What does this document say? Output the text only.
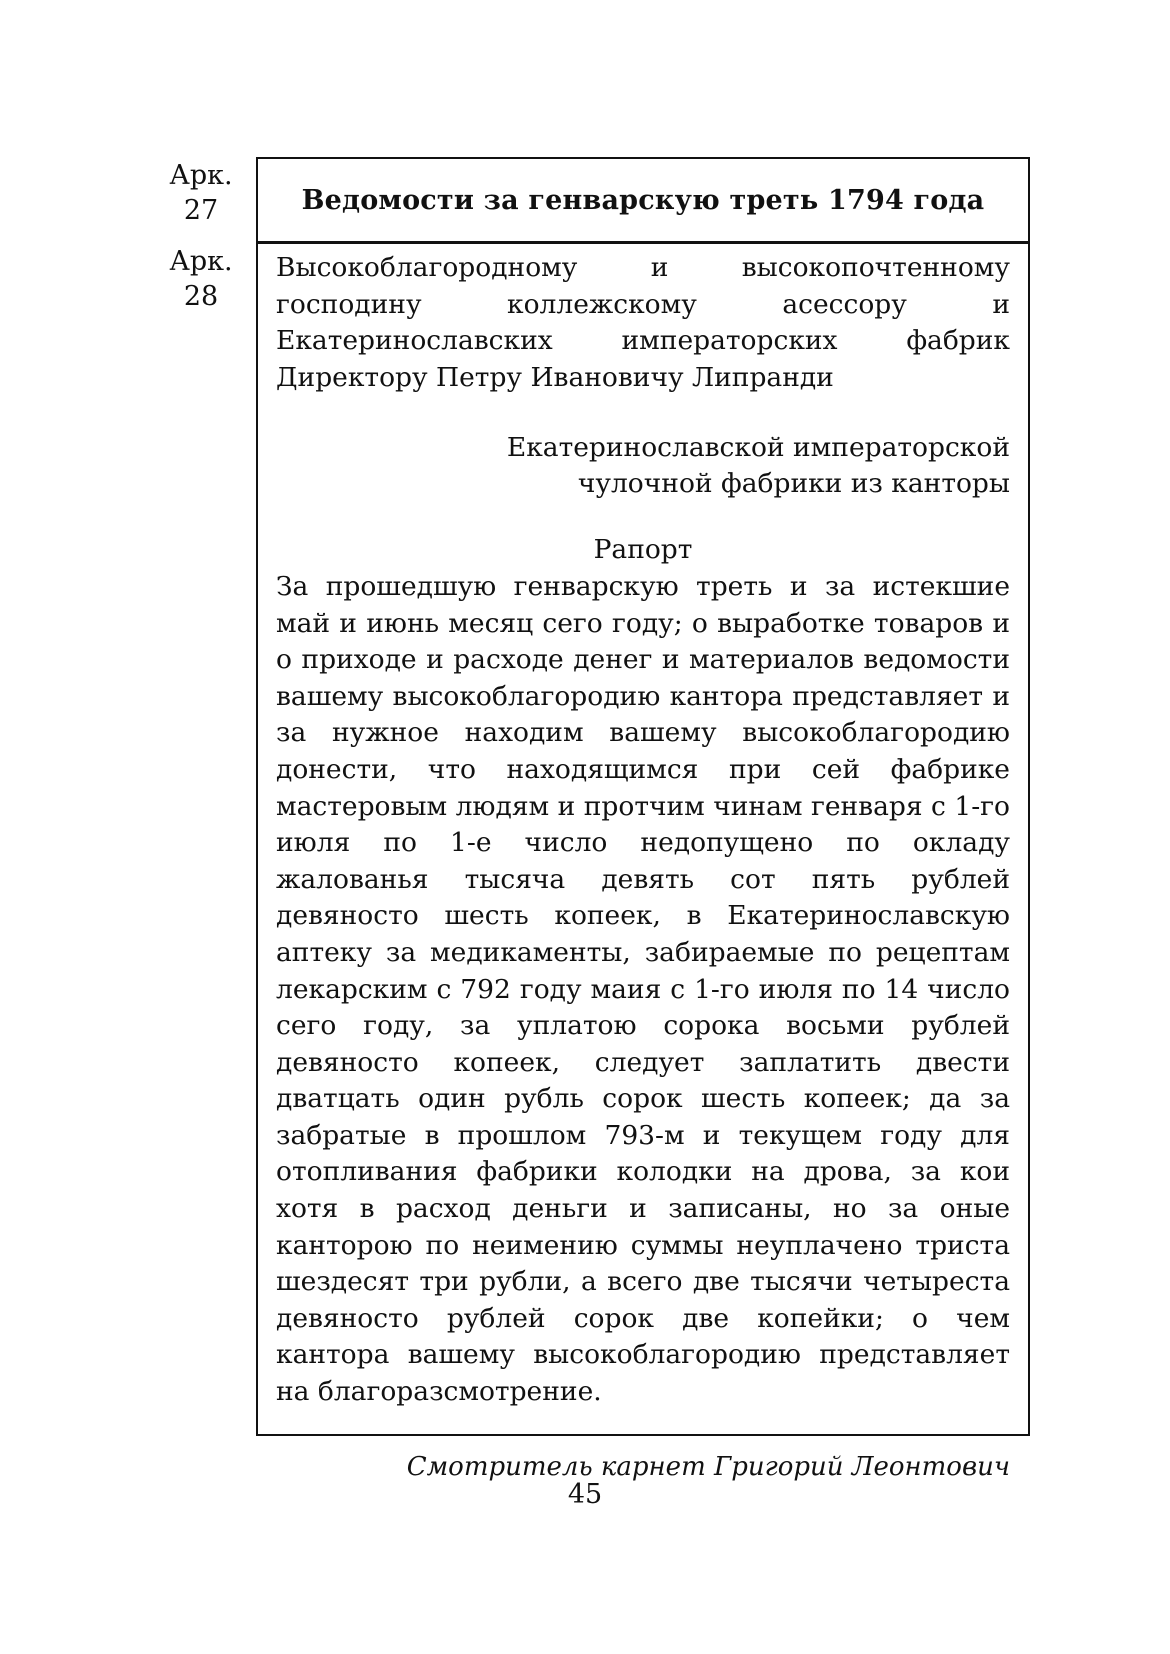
Арк.
27
Арк.
28
Ведомости за генварскую треть 1794 года

Высокоблагородному и высокопочтенному господину коллежскому асессору и Екатеринославских императорских фабрик Директору Петру Ивановичу Липранди

Екатеринославской императорской
чулочной фабрики из канторы
Рапорт

За прошедшую генварскую треть и за истекшие май и июнь месяц сего году; о выработке товаров и о приходе и расходе денег и материалов ведомости вашему высокоблагородию кантора представляет и за нужное находим вашему высокоблагородию донести, что находящимся при сей фабрике мастеровым людям и протчим чинам генваря с 1-го июля по 1-е число недопущено по окладу жалованья тысяча девять сот пять рублей девяносто шесть копеек, в Екатеринославскую аптеку за медикаменты, забираемые по рецептам лекарским с 792 году маия с 1-го июля по 14 число сего году, за уплатою сорока восьми рублей девяносто копеек, следует заплатить двести дватцать один рубль сорок шесть копеек; да за забратые в прошлом 793-м и текущем году для отопливания фабрики колодки на дрова, за кои хотя в расход деньги и записаны, но за оные канторою по неимению суммы неуплачено триста шездесят три рубли, а всего две тысячи четыреста девяносто рублей сорок две копейки; о чем кантора вашему высокоблагородию представляет на благоразсмотрение.

Смотритель карнет Григорий Леонтович
45
